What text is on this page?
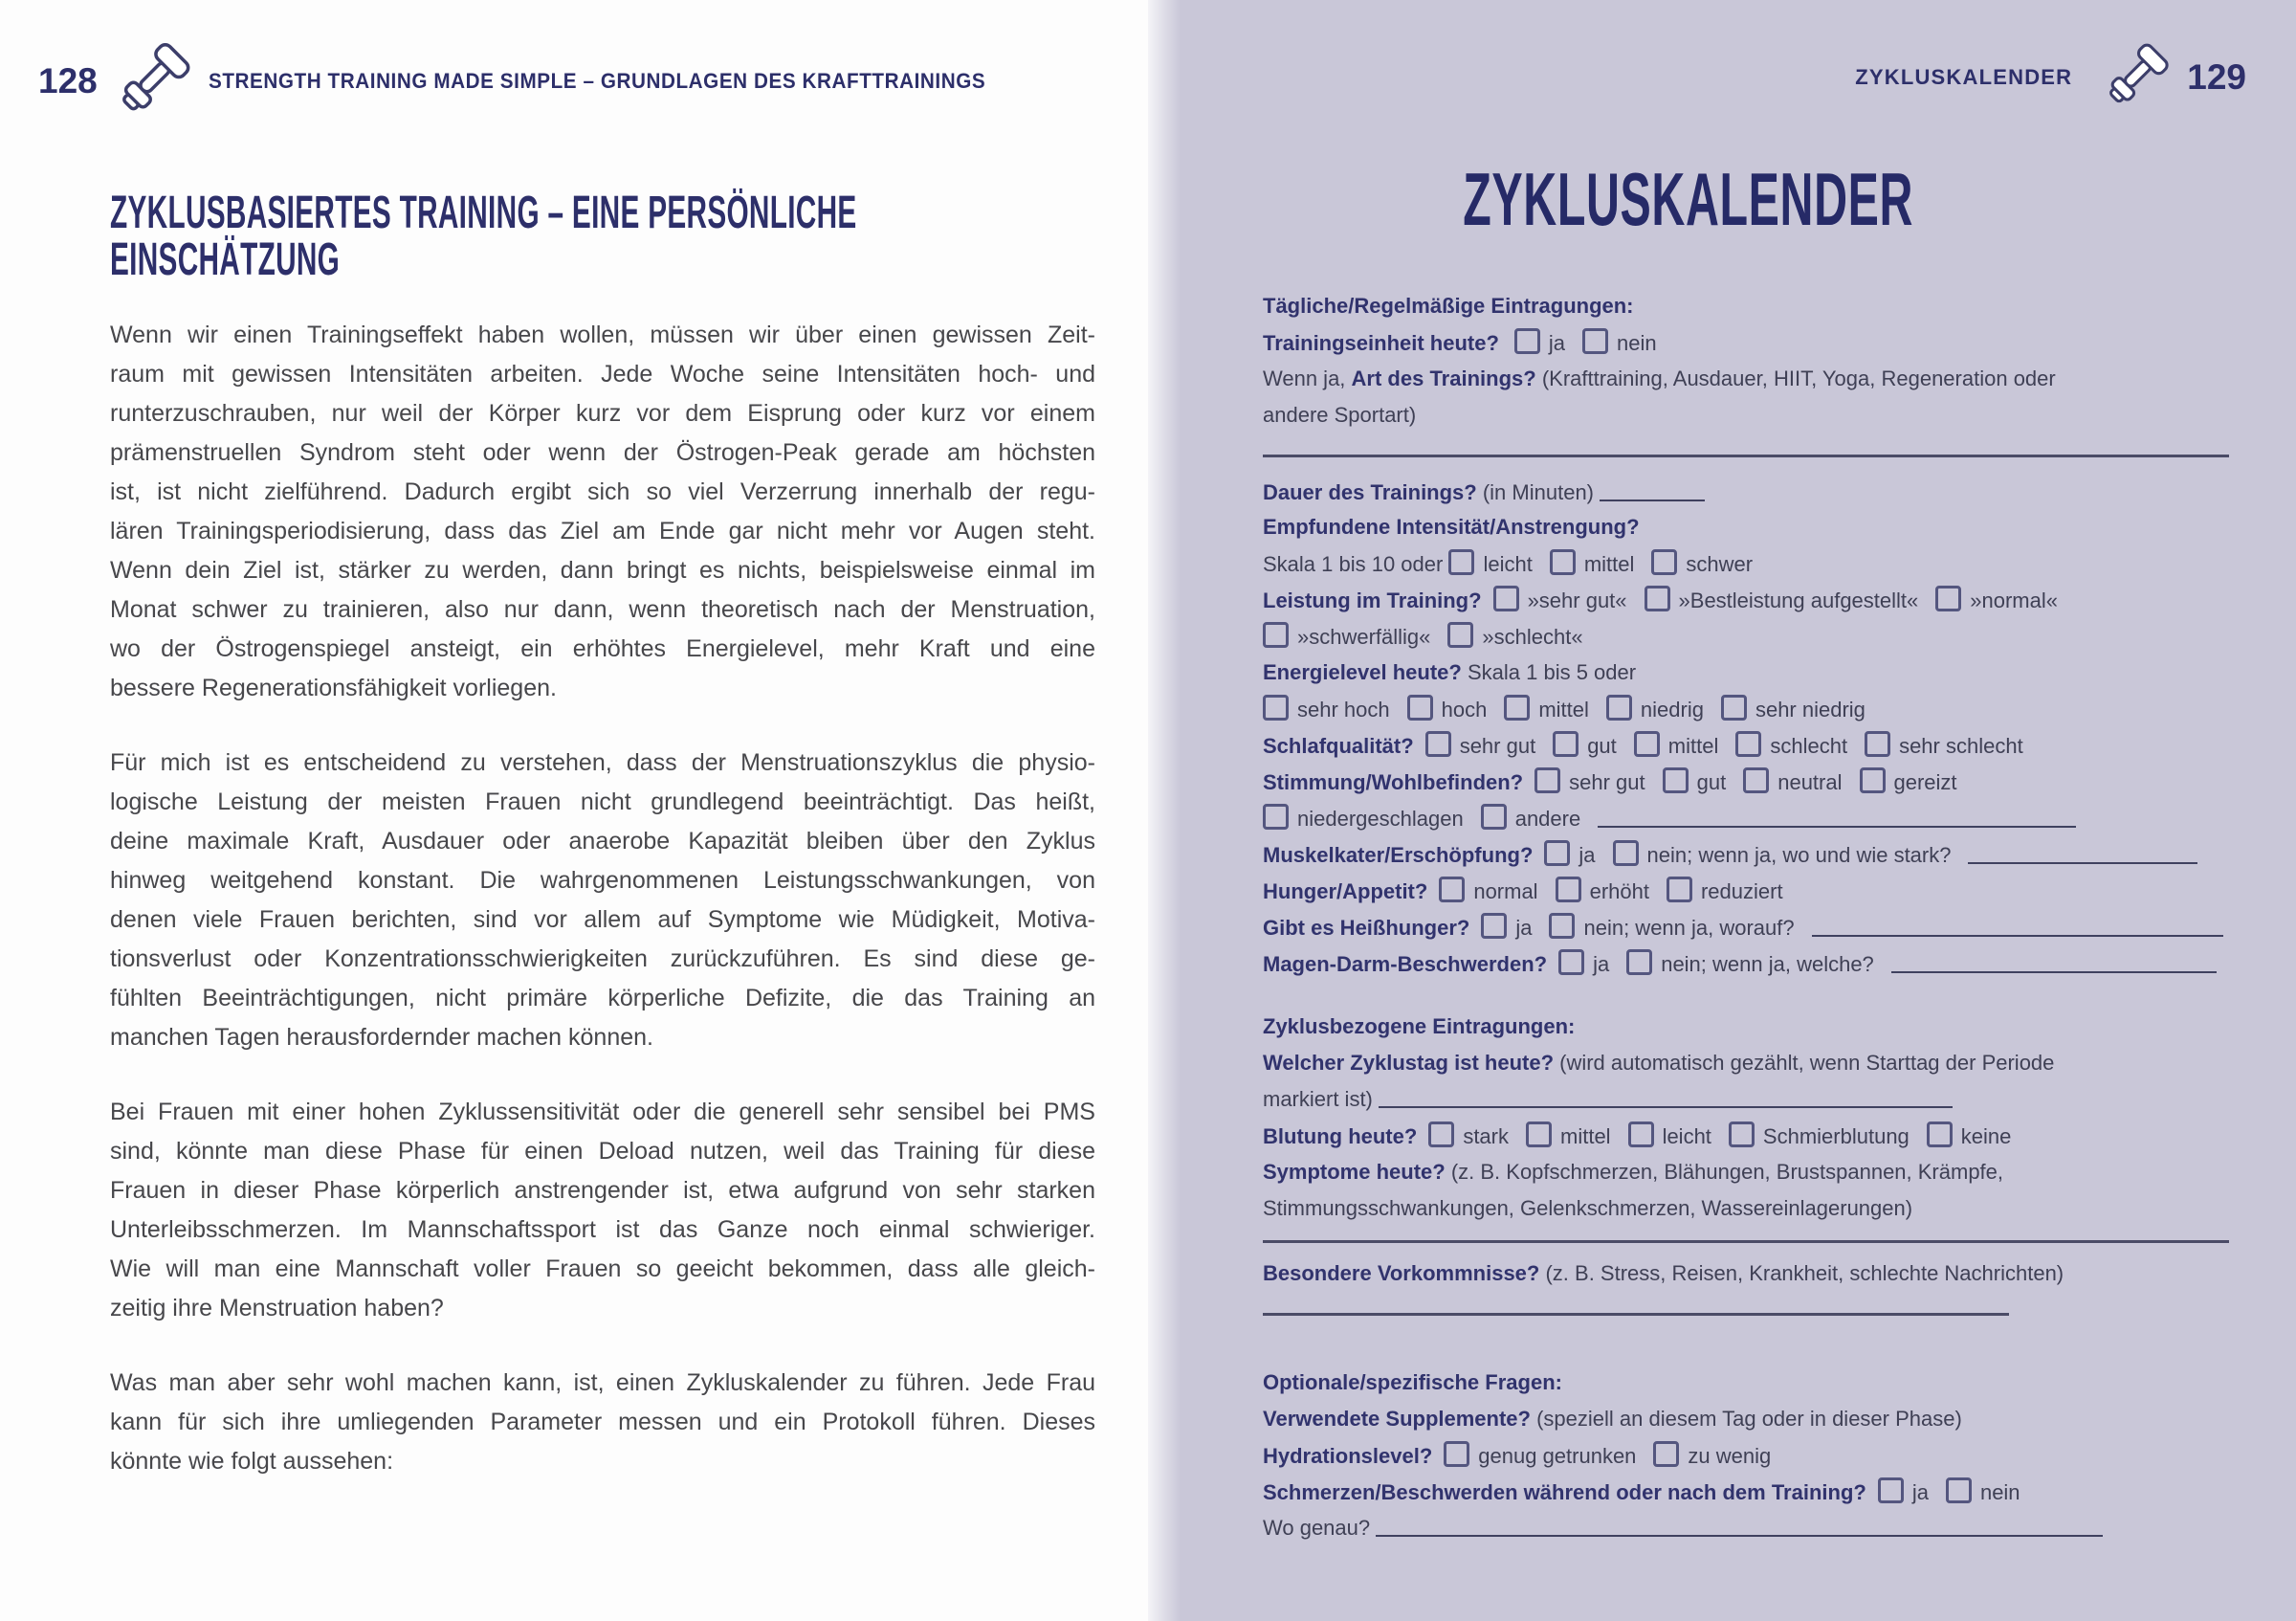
128	STRENGTH TRAINING MADE SIMPLE – GRUNDLAGEN DES KRAFTTRAININGS
ZYKLUSBASIERTES TRAINING – EINE PERSÖNLICHE
EINSCHÄTZUNG
Wenn wir einen Trainingseffekt haben wollen, müssen wir über einen gewissen Zeit-
raum mit gewissen Intensitäten arbeiten. Jede Woche seine Intensitäten hoch- und
runterzuschrauben, nur weil der Körper kurz vor dem Eisprung oder kurz vor einem
prämenstruellen Syndrom steht oder wenn der Östrogen-Peak gerade am höchsten
ist, ist nicht zielführend. Dadurch ergibt sich so viel Verzerrung innerhalb der regu-
lären Trainingsperiodisierung, dass das Ziel am Ende gar nicht mehr vor Augen steht.
Wenn dein Ziel ist, stärker zu werden, dann bringt es nichts, beispielsweise einmal im
Monat schwer zu trainieren, also nur dann, wenn theoretisch nach der Menstruation,
wo der Östrogenspiegel ansteigt, ein erhöhtes Energielevel, mehr Kraft und eine
bessere Regenerationsfähigkeit vorliegen.
Für mich ist es entscheidend zu verstehen, dass der Menstruationszyklus die physio-
logische Leistung der meisten Frauen nicht grundlegend beeinträchtigt. Das heißt,
deine maximale Kraft, Ausdauer oder anaerobe Kapazität bleiben über den Zyklus
hinweg weitgehend konstant. Die wahrgenommenen Leistungsschwankungen, von
denen viele Frauen berichten, sind vor allem auf Symptome wie Müdigkeit, Motiva-
tionsverlust oder Konzentrationsschwierigkeiten zurückzuführen. Es sind diese ge-
fühlten Beeinträchtigungen, nicht primäre körperliche Defizite, die das Training an
manchen Tagen herausfordernder machen können.
Bei Frauen mit einer hohen Zyklussensitivität oder die generell sehr sensibel bei PMS
sind, könnte man diese Phase für einen Deload nutzen, weil das Training für diese
Frauen in dieser Phase körperlich anstrengender ist, etwa aufgrund von sehr starken
Unterleibsschmerzen. Im Mannschaftssport ist das Ganze noch einmal schwieriger.
Wie will man eine Mannschaft voller Frauen so geeicht bekommen, dass alle gleich-
zeitig ihre Menstruation haben?
Was man aber sehr wohl machen kann, ist, einen Zykluskalender zu führen. Jede Frau
kann für sich ihre umliegenden Parameter messen und ein Protokoll führen. Dieses
könnte wie folgt aussehen:
ZYKLUSKALENDER	129
ZYKLUSKALENDER
Tägliche/Regelmäßige Eintragungen:
Trainingseinheit heute? ja nein
Wenn ja, Art des Trainings? (Krafttraining, Ausdauer, HIIT, Yoga, Regeneration oder
andere Sportart)
Dauer des Trainings? (in Minuten)
Empfundene Intensität/Anstrengung?
Skala 1 bis 10 oder leicht mittel schwer
Leistung im Training? »sehr gut« »Bestleistung aufgestellt« »normal«
»schwerfällig« »schlecht«
Energielevel heute? Skala 1 bis 5 oder
sehr hoch hoch mittel niedrig sehr niedrig
Schlafqualität? sehr gut gut mittel schlecht sehr schlecht
Stimmung/Wohlbefinden? sehr gut gut neutral gereizt
niedergeschlagen andere
Muskelkater/Erschöpfung? ja nein; wenn ja, wo und wie stark?
Hunger/Appetit? normal erhöht reduziert
Gibt es Heißhunger? ja nein; wenn ja, worauf?
Magen-Darm-Beschwerden? ja nein; wenn ja, welche?
Zyklusbezogene Eintragungen:
Welcher Zyklustag ist heute? (wird automatisch gezählt, wenn Starttag der Periode
markiert ist)
Blutung heute? stark mittel leicht Schmierblutung keine
Symptome heute? (z. B. Kopfschmerzen, Blähungen, Brustspannen, Krämpfe,
Stimmungsschwankungen, Gelenkschmerzen, Wassereinlagerungen)
Besondere Vorkommnisse? (z. B. Stress, Reisen, Krankheit, schlechte Nachrichten)
Optionale/spezifische Fragen:
Verwendete Supplemente? (speziell an diesem Tag oder in dieser Phase)
Hydrationslevel? genug getrunken zu wenig
Schmerzen/Beschwerden während oder nach dem Training? ja nein
Wo genau?
